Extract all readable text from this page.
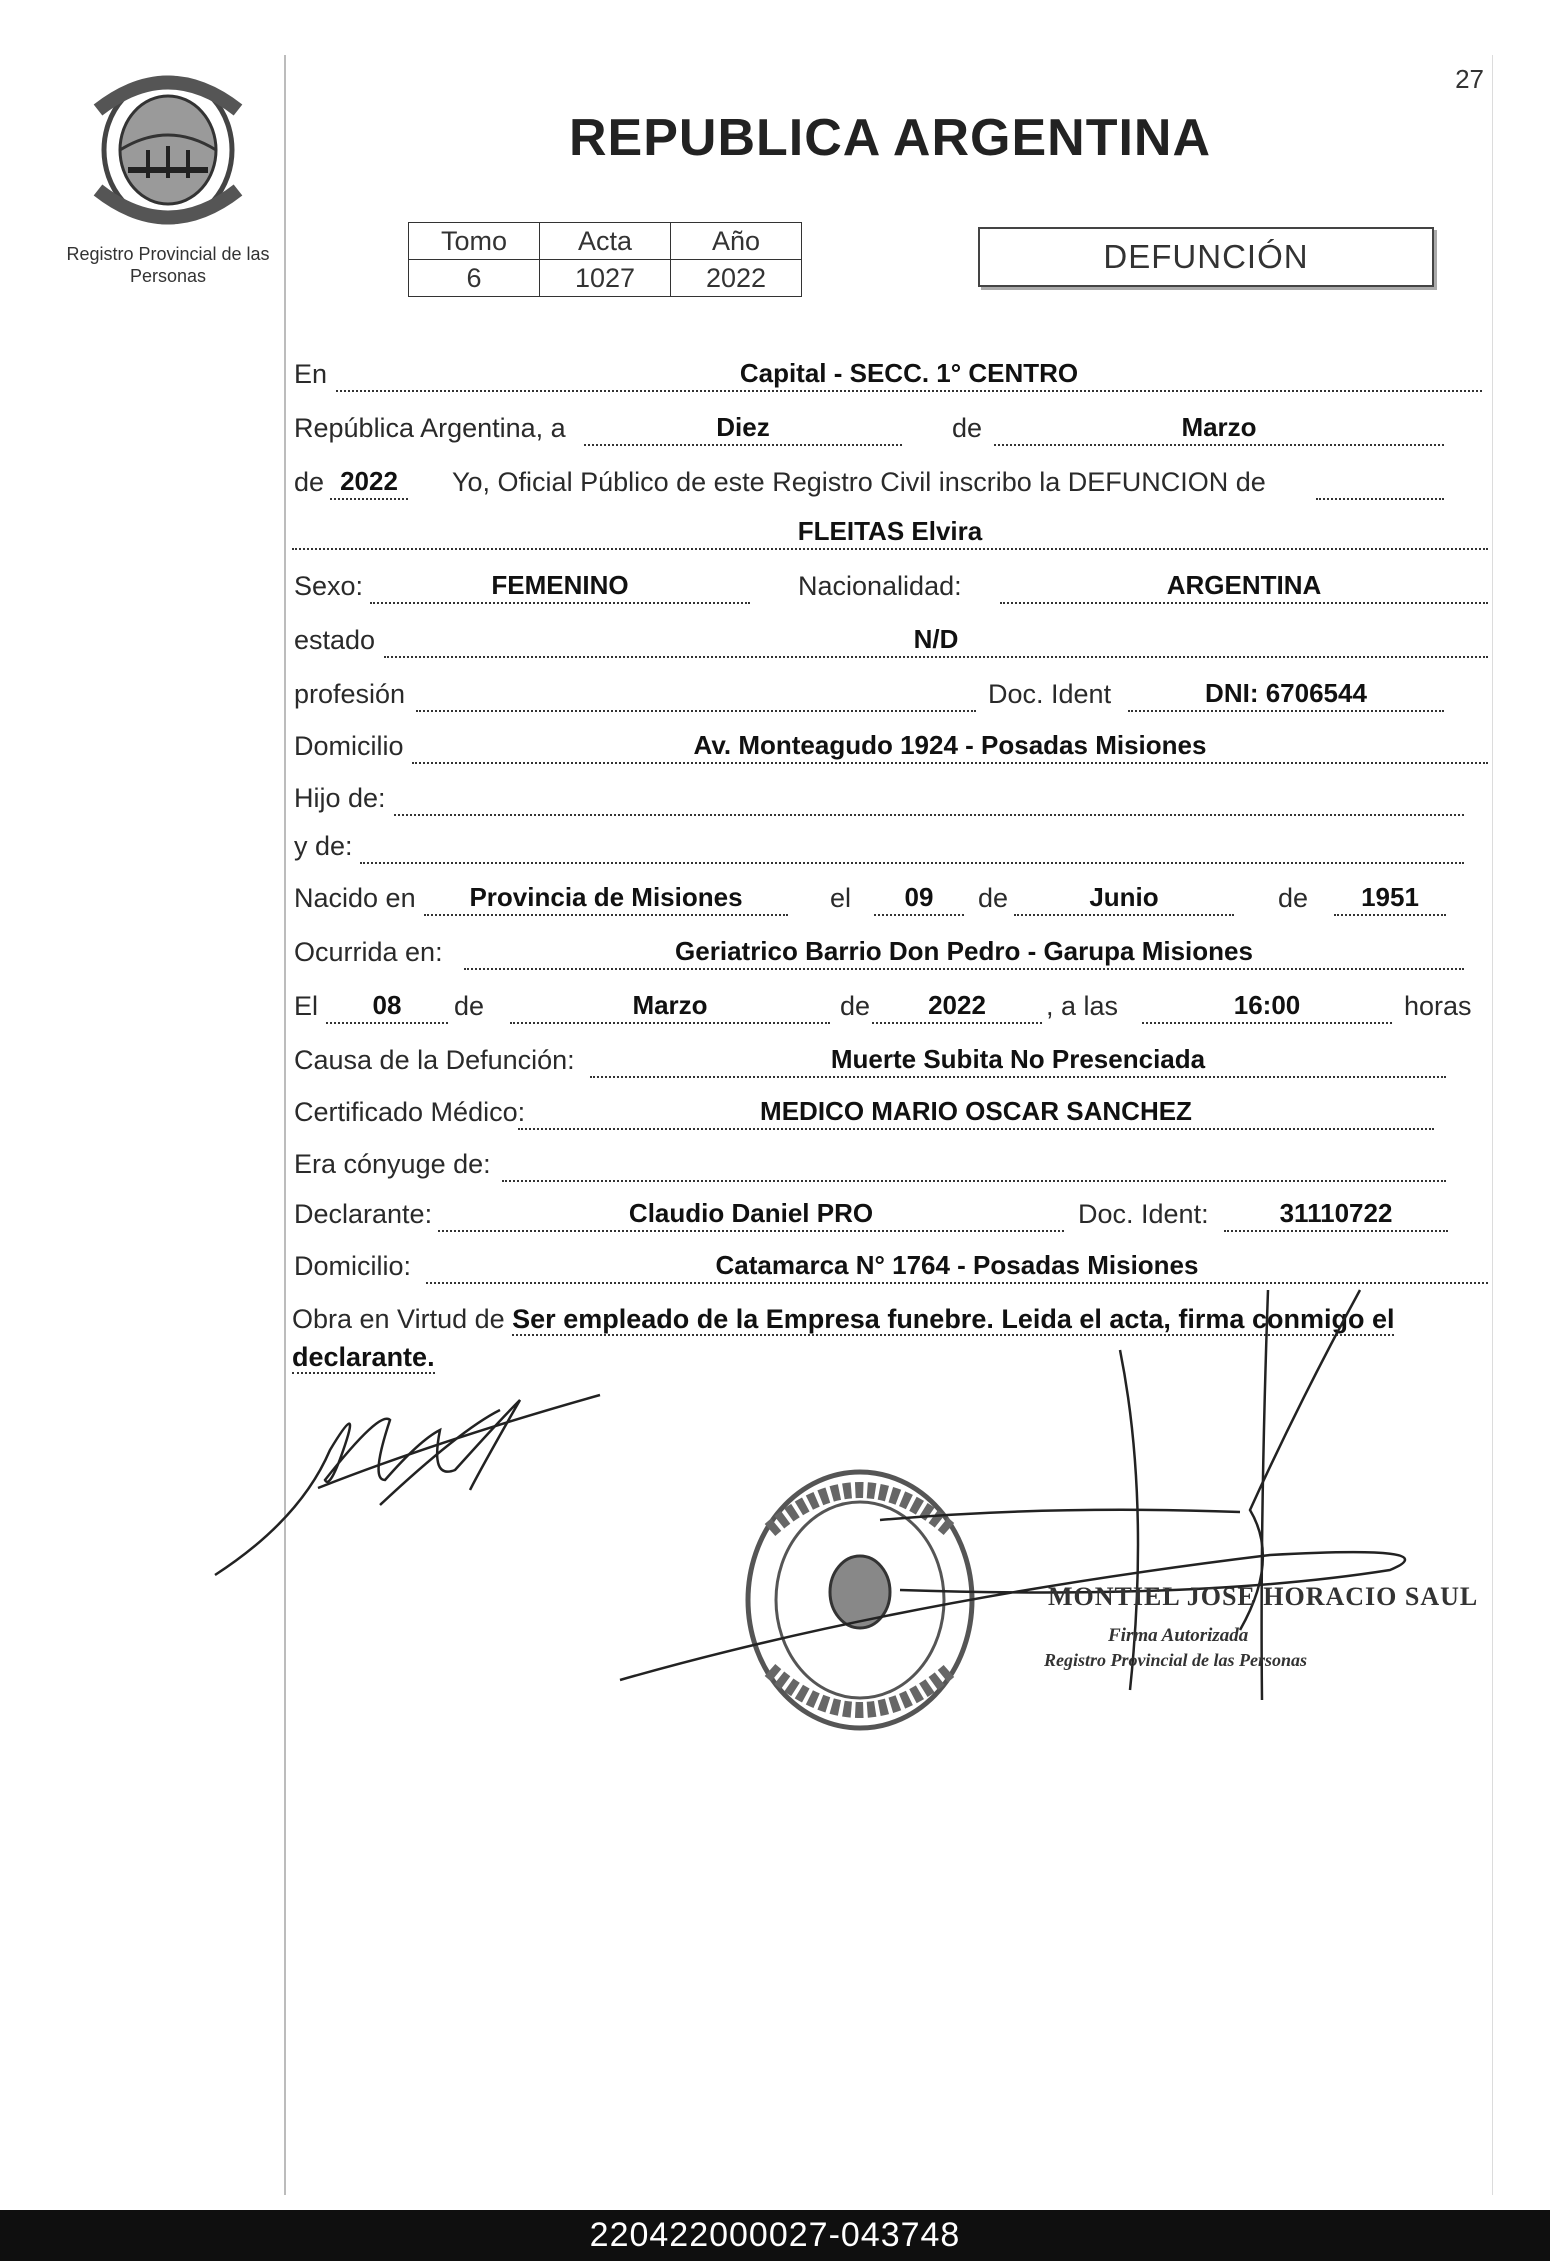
27
Registro Provincial de las Personas
REPUBLICA ARGENTINA
Tomo	Acta	Año
6	1027	2022
DEFUNCIÓN
En	Capital - SECC. 1° CENTRO
República Argentina, a	Diez	de	Marzo
de 2022	Yo, Oficial Público de este Registro Civil inscribo la DEFUNCION de
FLEITAS Elvira
Sexo:	FEMENINO	Nacionalidad:	ARGENTINA
estado	N/D
profesión	Doc. Ident	DNI: 6706544
Domicilio	Av. Monteagudo 1924 - Posadas Misiones
Hijo de:
y de:
Nacido en	Provincia de Misiones	el	09	de	Junio	de	1951
Ocurrida en:	Geriatrico Barrio Don Pedro - Garupa Misiones
El	08	de	Marzo	de	2022	, a las	16:00	horas
Causa de la Defunción:	Muerte Subita No Presenciada
Certificado Médico:	MEDICO MARIO OSCAR SANCHEZ
Era cónyuge de:
Declarante:	Claudio Daniel PRO	Doc. Ident:	31110722
Domicilio:	Catamarca N° 1764 - Posadas Misiones
Obra en Virtud de Ser empleado de la Empresa funebre. Leida el acta, firma conmigo el declarante.
MONTIEL JOSE HORACIO SAUL
Firma Autorizada
Registro Provincial de las Personas
220422000027-043748
